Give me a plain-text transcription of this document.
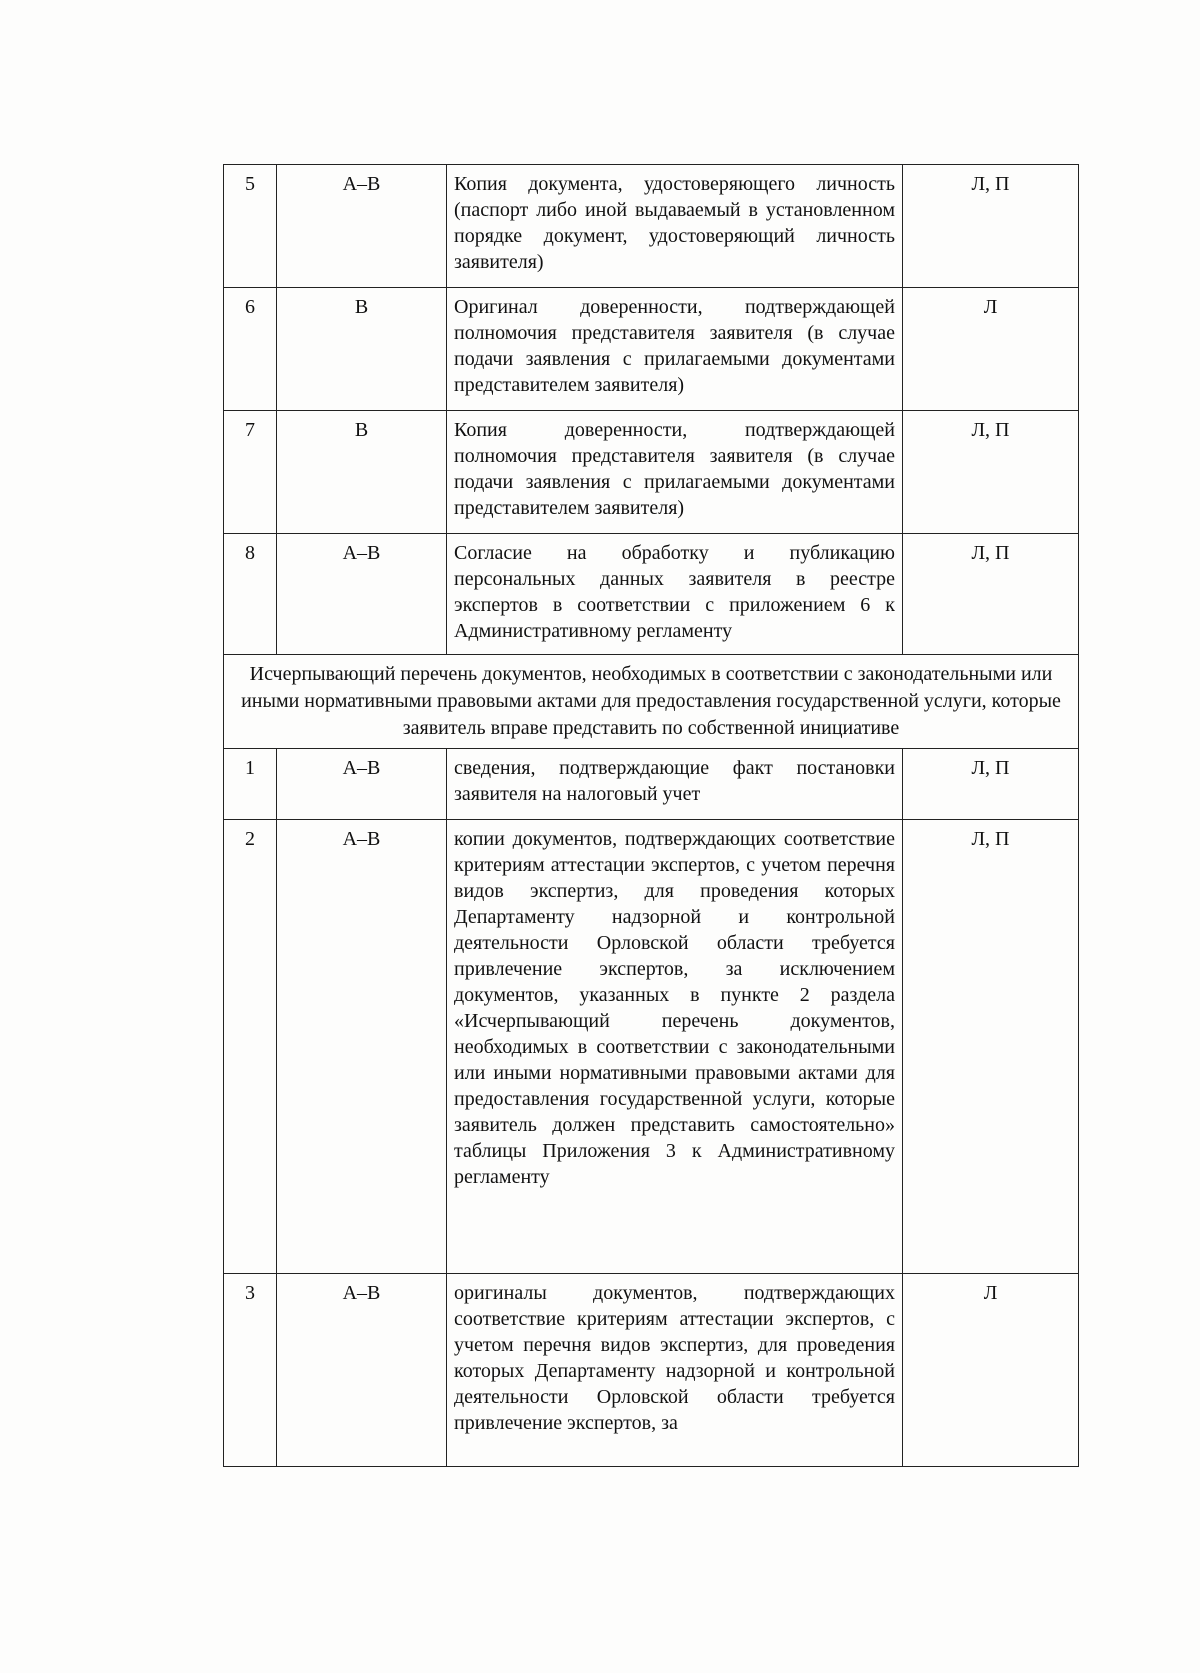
5	А–В	Копия документа, удостоверяющего личность (паспорт либо иной выдаваемый в установленном порядке документ, удостоверяющий личность заявителя)	Л, П
6	В	Оригинал доверенности, подтверждающей полномочия представителя заявителя (в случае подачи заявления с прилагаемыми документами представителем заявителя)	Л
7	В	Копия доверенности, подтверждающей полномочия представителя заявителя (в случае подачи заявления с прилагаемыми документами представителем заявителя)	Л, П
8	А–В	Согласие на обработку и публикацию персональных данных заявителя в реестре экспертов в соответствии с приложением 6 к Административному регламенту	Л, П
Исчерпывающий перечень документов, необходимых в соответствии с законодательными или иными нормативными правовыми актами для предоставления государственной услуги, которые заявитель вправе представить по собственной инициативе			
1	А–В	сведения, подтверждающие факт постановки заявителя на налоговый учет	Л, П
2	А–В	копии документов, подтверждающих соответствие критериям аттестации экспертов, с учетом перечня видов экспертиз, для проведения которых Департаменту надзорной и контрольной деятельности Орловской области требуется привлечение экспертов, за исключением документов, указанных в пункте 2 раздела «Исчерпывающий перечень документов, необходимых в соответствии с законодательными или иными нормативными правовыми актами для предоставления государственной услуги, которые заявитель должен представить самостоятельно» таблицы Приложения 3 к Административному регламенту	Л, П
3	А–В	оригиналы документов, подтверждающих соответствие критериям аттестации экспертов, с учетом перечня видов экспертиз, для проведения которых Департаменту надзорной и контрольной деятельности Орловской области требуется привлечение экспертов, за	Л
